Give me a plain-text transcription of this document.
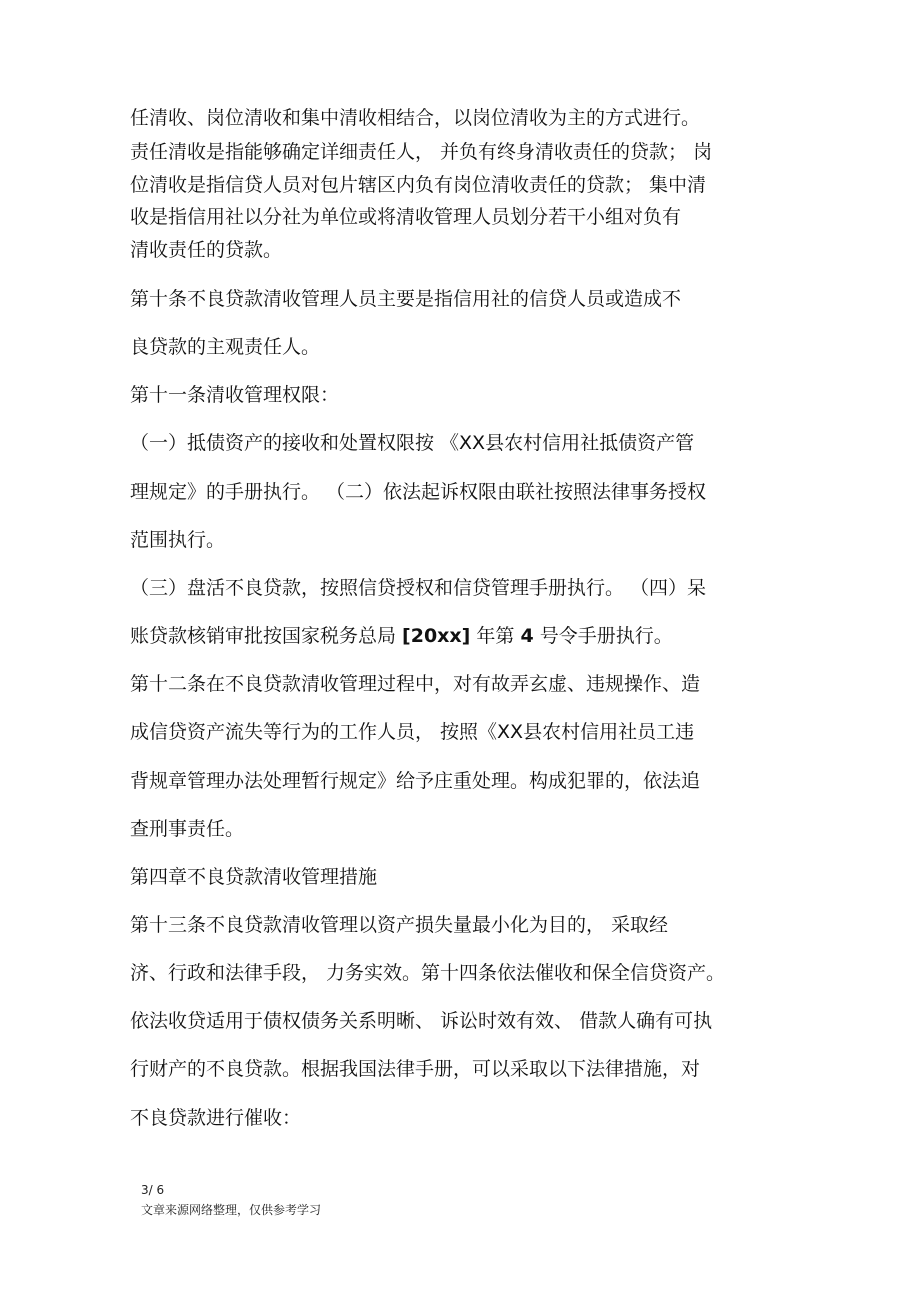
任清收、岗位清收和集中清收相结合，以岗位清收为主的方式进行。

责任清收是指能够确定详细责任人， 并负有终身清收责任的贷款； 岗

位清收是指信贷人员对包片辖区内负有岗位清收责任的贷款； 集中清

收是指信用社以分社为单位或将清收管理人员划分若干小组对负有

清收责任的贷款。

第十条不良贷款清收管理人员主要是指信用社的信贷人员或造成不

良贷款的主观责任人。

第十一条清收管理权限：

（一）抵债资产的接收和处置权限按 《XX县农村信用社抵债资产管

理规定》的手册执行。 （二）依法起诉权限由联社按照法律事务授权

范围执行。

（三）盘活不良贷款，按照信贷授权和信贷管理手册执行。 （四）呆

账贷款核销审批按国家税务总局 [20xx] 年第 4 号令手册执行。

第十二条在不良贷款清收管理过程中，对有故弄玄虚、违规操作、造

成信贷资产流失等行为的工作人员， 按照《XX县农村信用社员工违

背规章管理办法处理暂行规定》给予庄重处理。构成犯罪的，依法追

查刑事责任。

第四章不良贷款清收管理措施

第十三条不良贷款清收管理以资产损失量最小化为目的， 采取经

济、行政和法律手段， 力务实效。第十四条依法催收和保全信贷资产。

依法收贷适用于债权债务关系明晰、 诉讼时效有效、 借款人确有可执

行财产的不良贷款。根据我国法律手册，可以采取以下法律措施，对

不良贷款进行催收：

3/ 6
文章来源网络整理，仅供参考学习
